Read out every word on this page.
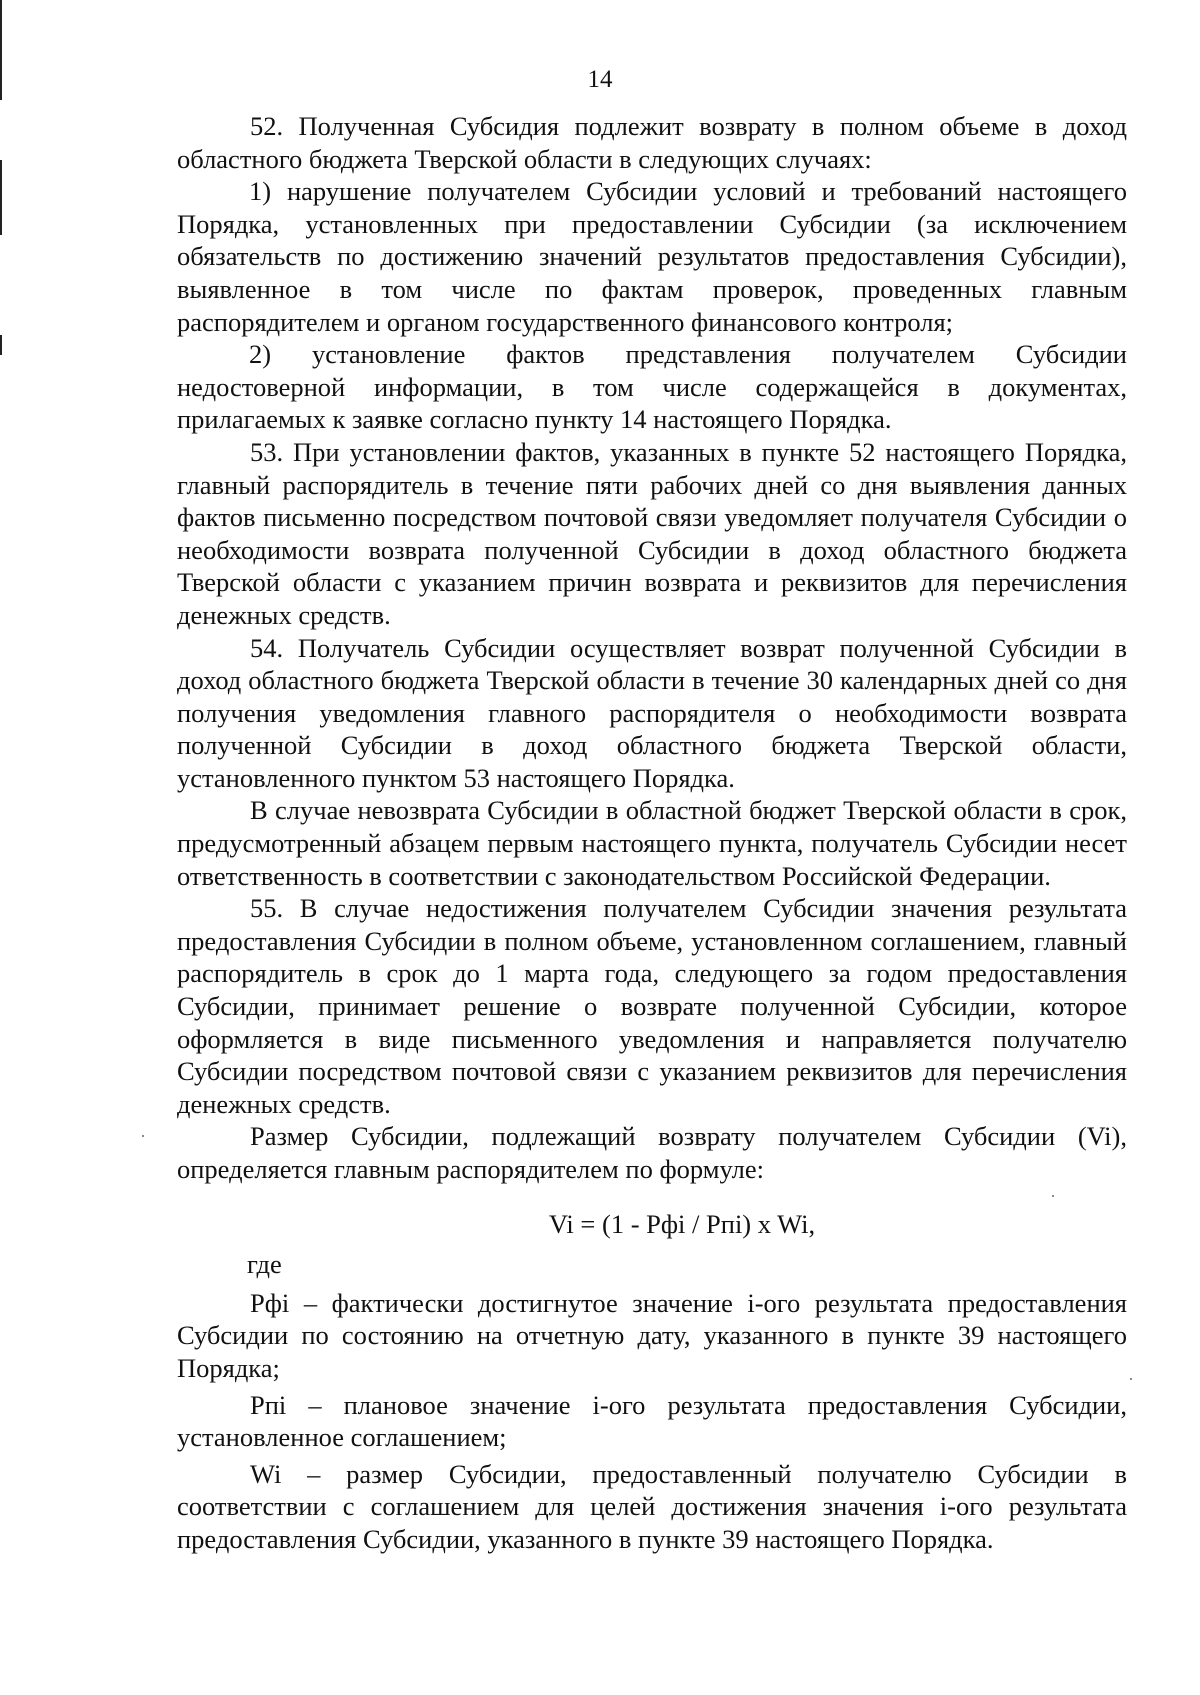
14

52. Полученная Субсидия подлежит возврату в полном объеме в доход областного бюджета Тверской области в следующих случаях:

1) нарушение получателем Субсидии условий и требований настоящего Порядка, установленных при предоставлении Субсидии (за исключением обязательств по достижению значений результатов предоставления Субсидии), выявленное в том числе по фактам проверок, проведенных главным распорядителем и органом государственного финансового контроля;

2) установление фактов представления получателем Субсидии недостоверной информации, в том числе содержащейся в документах, прилагаемых к заявке согласно пункту 14 настоящего Порядка.

53. При установлении фактов, указанных в пункте 52 настоящего Порядка, главный распорядитель в течение пяти рабочих дней со дня выявления данных фактов письменно посредством почтовой связи уведомляет получателя Субсидии о необходимости возврата полученной Субсидии в доход областного бюджета Тверской области с указанием причин возврата и реквизитов для перечисления денежных средств.

54. Получатель Субсидии осуществляет возврат полученной Субсидии в доход областного бюджета Тверской области в течение 30 календарных дней со дня получения уведомления главного распорядителя о необходимости возврата полученной Субсидии в доход областного бюджета Тверской области, установленного пунктом 53 настоящего Порядка.

В случае невозврата Субсидии в областной бюджет Тверской области в срок, предусмотренный абзацем первым настоящего пункта, получатель Субсидии несет ответственность в соответствии с законодательством Российской Федерации.

55. В случае недостижения получателем Субсидии значения результата предоставления Субсидии в полном объеме, установленном соглашением, главный распорядитель в срок до 1 марта года, следующего за годом предоставления Субсидии, принимает решение о возврате полученной Субсидии, которое оформляется в виде письменного уведомления и направляется получателю Субсидии посредством почтовой связи с указанием реквизитов для перечисления денежных средств.

Размер Субсидии, подлежащий возврату получателем Субсидии (Vi), определяется главным распорядителем по формуле:

Vi = (1 - Pфi / Рпi) x Wi,

где

Рфi – фактически достигнутое значение i-ого результата предоставления Субсидии по состоянию на отчетную дату, указанного в пункте 39 настоящего Порядка;

Рпi – плановое значение i-ого результата предоставления Субсидии, установленное соглашением;

Wi – размер Субсидии, предоставленный получателю Субсидии в соответствии с соглашением для целей достижения значения i-ого результата предоставления Субсидии, указанного в пункте 39 настоящего Порядка.
